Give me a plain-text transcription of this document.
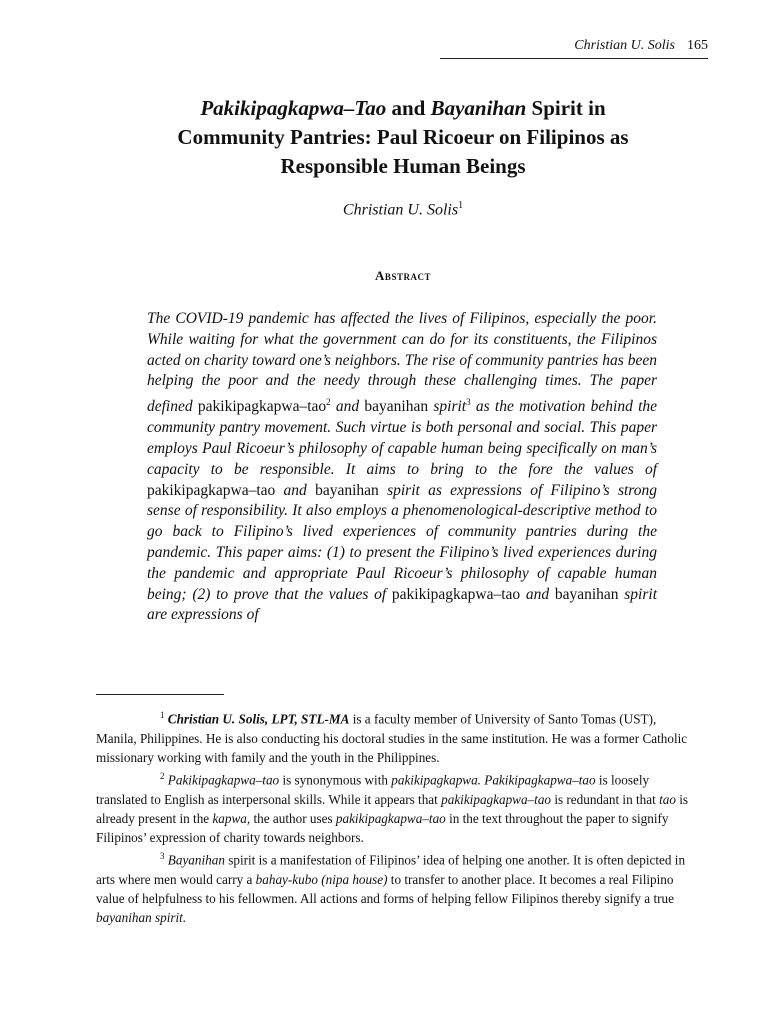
Christian U. Solis 165
Pakikipagkapwa–Tao and Bayanihan Spirit in
Community Pantries: Paul Ricoeur on Filipinos as
Responsible Human Beings
Christian U. Solis$^1$
Abstract

The COVID-19 pandemic has affected the lives of Filipinos, especially the poor. While waiting for what the government can do for its constituents, the Filipinos acted on charity toward one’s neighbors. The rise of community pantries has been helping the poor and the needy through these challenging times. The paper defined pakikipagkapwa–tao$^2$ and bayanihan spirit$^3$ as the motivation behind the community pantry movement. Such virtue is both personal and social. This paper employs Paul Ricoeur’s philosophy of capable human being specifically on man’s capacity to be responsible. It aims to bring to the fore the values of pakikipagkapwa–tao and bayanihan spirit as expressions of Filipino’s strong sense of responsibility. It also employs a phenomenological-descriptive method to go back to Filipino’s lived experiences of community pantries during the pandemic. This paper aims: (1) to present the Filipino’s lived experiences during the pandemic and appropriate Paul Ricoeur’s philosophy of capable human being; (2) to prove that the values of pakikipagkapwa–tao and bayanihan spirit are expressions of

$^1$ Christian U. Solis, LPT, STL-MA is a faculty member of University of Santo Tomas (UST), Manila, Philippines. He is also conducting his doctoral studies in the same institution. He was a former Catholic missionary working with family and the youth in the Philippines.

$^2$ Pakikipagkapwa–tao is synonymous with pakikipagkapwa. Pakikipagkapwa–tao is loosely translated to English as interpersonal skills. While it appears that pakikipagkapwa–tao is redundant in that tao is already present in the kapwa, the author uses pakikipagkapwa–tao in the text throughout the paper to signify Filipinos’ expression of charity towards neighbors.

$^3$ Bayanihan spirit is a manifestation of Filipinos’ idea of helping one another. It is often depicted in arts where men would carry a bahay-kubo (nipa house) to transfer to another place. It becomes a real Filipino value of helpfulness to his fellowmen. All actions and forms of helping fellow Filipinos thereby signify a true bayanihan spirit.
